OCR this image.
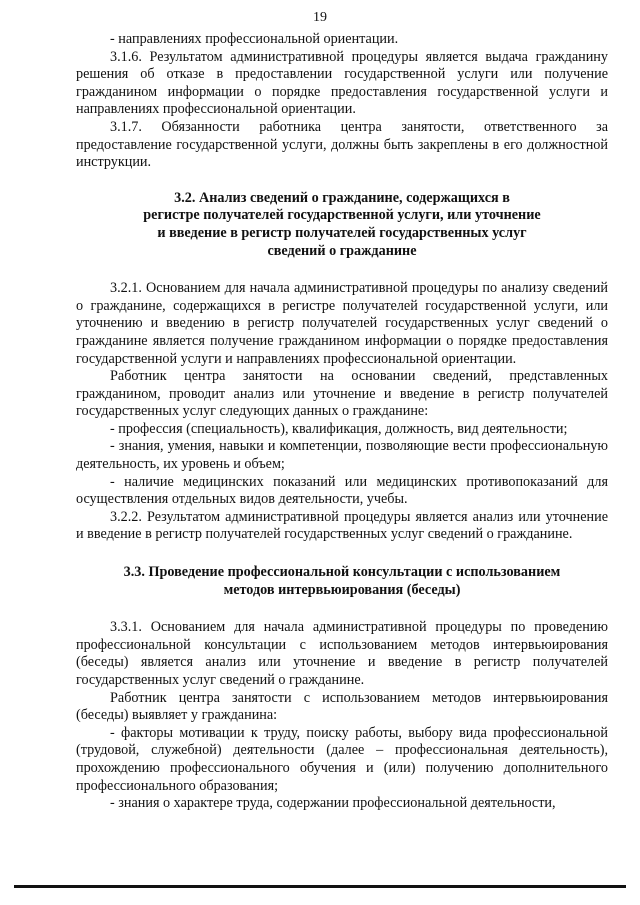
19

- направлениях профессиональной ориентации.

3.1.6. Результатом административной процедуры является выдача гражданину решения об отказе в предоставлении государственной услуги или получение гражданином информации о порядке предоставления государственной услуги и направлениях профессиональной ориентации.

3.1.7. Обязанности работника центра занятости, ответственного за предоставление государственной услуги, должны быть закреплены в его должностной инструкции.

3.2. Анализ сведений о гражданине, содержащихся в
регистре получателей государственной услуги, или уточнение
и введение в регистр получателей государственных услуг
сведений о гражданине

3.2.1. Основанием для начала административной процедуры по анализу сведений о гражданине, содержащихся в регистре получателей государственной услуги, или уточнению и введению в регистр получателей государственных услуг сведений о гражданине является получение гражданином информации о порядке предоставления государственной услуги и направлениях профессиональной ориентации.

Работник центра занятости на основании сведений, представленных гражданином, проводит анализ или уточнение и введение в регистр получателей государственных услуг следующих данных о гражданине:

- профессия (специальность), квалификация, должность, вид деятельности;

- знания, умения, навыки и компетенции, позволяющие вести профессиональную деятельность, их уровень и объем;

- наличие медицинских показаний или медицинских противопоказаний для осуществления отдельных видов деятельности, учебы.

3.2.2. Результатом административной процедуры является анализ или уточнение и введение в регистр получателей государственных услуг сведений о гражданине.

3.3. Проведение профессиональной консультации с использованием
методов интервьюирования (беседы)

3.3.1. Основанием для начала административной процедуры по проведению профессиональной консультации с использованием методов интервьюирования (беседы) является анализ или уточнение и введение в регистр получателей государственных услуг сведений о гражданине.

Работник центра занятости с использованием методов интервьюирования (беседы) выявляет у гражданина:

- факторы мотивации к труду, поиску работы, выбору вида профессиональной (трудовой, служебной) деятельности (далее – профессиональная деятельность), прохождению профессионального обучения и (или) получению дополнительного профессионального образования;

- знания о характере труда, содержании профессиональной деятельности,
